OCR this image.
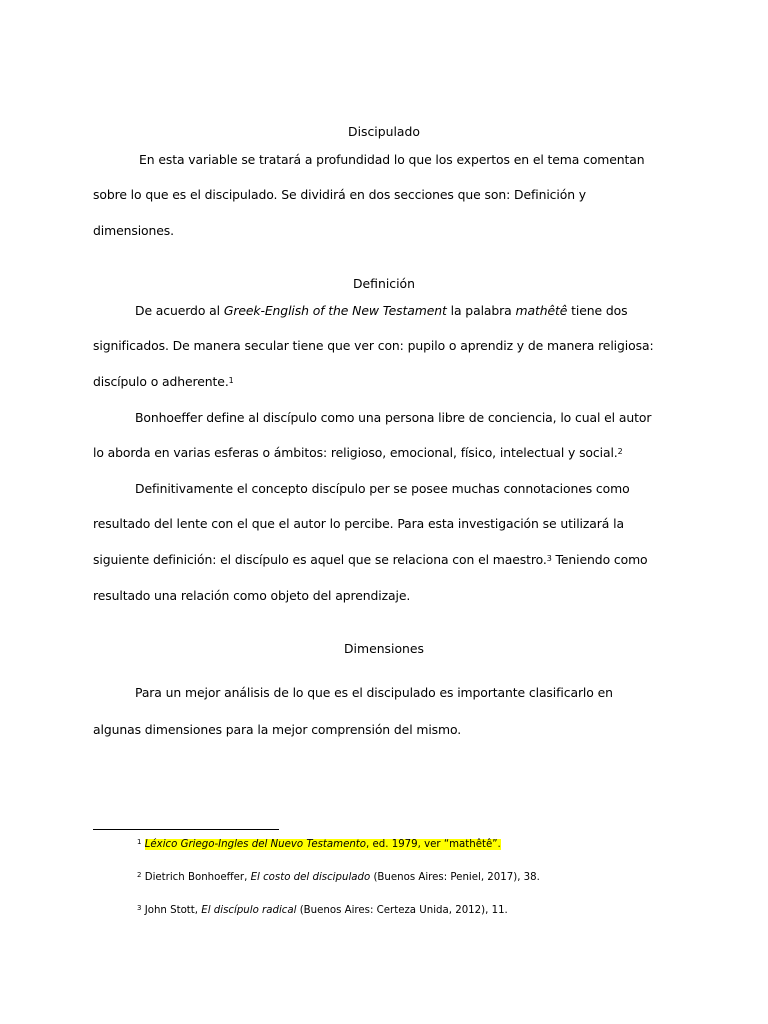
Discipulado
En esta variable se tratará a profundidad lo que los expertos en el tema comentan
sobre lo que es el discipulado. Se dividirá en dos secciones que son: Definición y
dimensiones.
Definición
De acuerdo al Greek-English of the New Testament la palabra mathêtê tiene dos
significados. De manera secular tiene que ver con: pupilo o aprendiz y de manera religiosa:
discípulo o adherente.$^1$
Bonhoeffer define al discípulo como una persona libre de conciencia, lo cual el autor
lo aborda en varias esferas o ámbitos: religioso, emocional, físico, intelectual y social.$^2$
Definitivamente el concepto discípulo per se posee muchas connotaciones como
resultado del lente con el que el autor lo percibe. Para esta investigación se utilizará la
siguiente definición: el discípulo es aquel que se relaciona con el maestro.$^3$ Teniendo como
resultado una relación como objeto del aprendizaje.
Dimensiones
Para un mejor análisis de lo que es el discipulado es importante clasificarlo en
algunas dimensiones para la mejor comprensión del mismo.
$^1$ Léxico Griego-Ingles del Nuevo Testamento, ed. 1979, ver “mathêtê”.
$^2$ Dietrich Bonhoeffer, El costo del discipulado (Buenos Aires: Peniel, 2017), 38.
$^3$ John Stott, El discípulo radical (Buenos Aires: Certeza Unida, 2012), 11.
